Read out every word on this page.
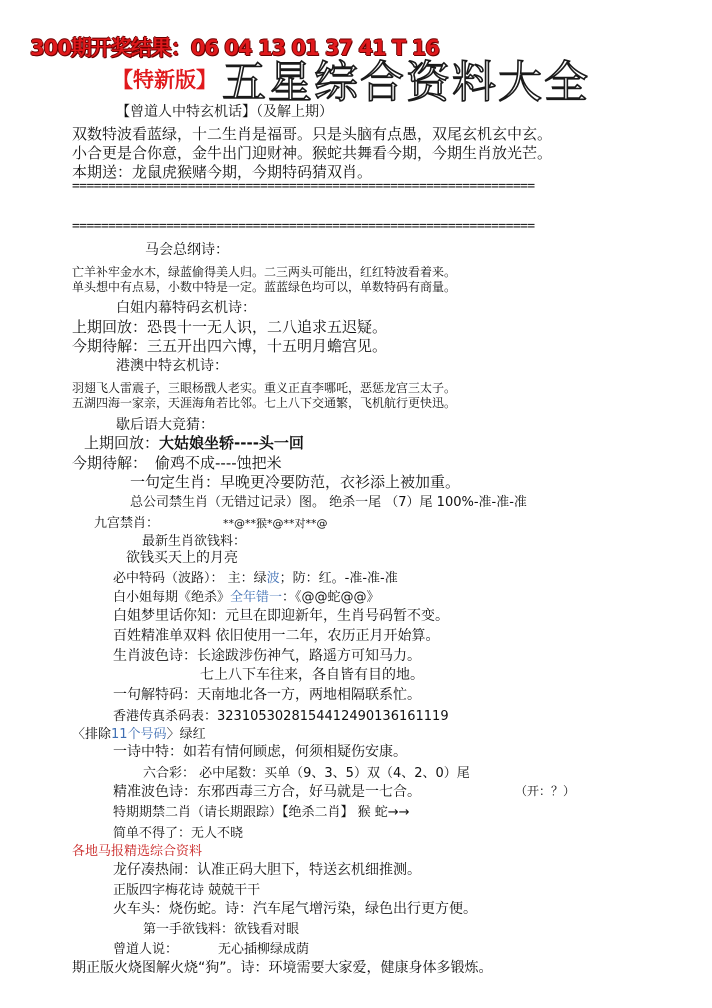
300期开奖结果：06 04 13 01 37 41 T 16
【特新版】 五星综合资料大全
【曾道人中特玄机话】（及解上期）
双数特波看蓝绿，十二生肖是福哥。只是头脑有点愚，双尾玄机玄中玄。
小合更是合你意，金牛出门迎财神。猴蛇共舞看今期，今期生肖放光芒。
本期送：龙鼠虎猴赌今期，今期特码猜双肖。
================================================================
================================================================
马会总纲诗：
亡羊补牢金水木，绿蓝偷得美人归。二三两头可能出，红红特波看着来。
单头想中有点易，小数中特是一定。蓝蓝绿色均可以，单数特码有商量。
白姐内幕特码玄机诗：
上期回放：恐畏十一无人识，二八追求五迟疑。
今期待解：三五开出四六博，十五明月蟾宫见。
港澳中特玄机诗：
羽翅飞人雷震子，三眼杨戬人老实。重义正直李哪吒，恶惩龙宫三太子。
五湖四海一家亲，天涯海角若比邻。七上八下交通繁，飞机航行更快迅。
歇后语大竞猜：
上期回放：大姑娘坐轿----头一回
今期待解： 偷鸡不成----蚀把米
一句定生肖：早晚更冷要防范，衣衫添上被加重。
总公司禁生肖（无错过记录）图。 绝杀一尾 （7）尾 100%-准-准-准
九宫禁肖：	**@**猴*@**对**@
最新生肖欲钱料：
欲钱买天上的月亮
必中特码（波路）： 主：绿波；防：红。-准-准-准
白小姐每期《绝杀》全年错一：《@@蛇@@》
白姐梦里话你知：元旦在即迎新年，生肖号码暂不变。
百姓精准单双料 依旧使用一二年，农历正月开始算。
生肖波色诗：长途跋涉伤神气，路遥方可知马力。
七上八下车往来，各自皆有目的地。
一句解特码：天南地北各一方，两地相隔联系忙。
香港传真杀码表：3231053028154412490136161119
〈排除11个号码〉绿红
一诗中特：如若有情何顾虑，何须相疑伤安康。
六合彩： 必中尾数：买单（9、3、5）双（4、2、0）尾
精准波色诗：东邪西毒三方合，好马就是一七合。	（开：？）
特期期禁二肖（请长期跟踪）【绝杀二肖】 猴 蛇→→
简单不得了：无人不晓
各地马报精选综合资料
龙仔凑热闹：认准正码大胆下，特送玄机细推测。
正版四字梅花诗 兢兢干干
火车头：烧伤蛇。诗：汽车尾气增污染，绿色出行更方便。
第一手欲钱料：欲钱看对眼
曾道人说：	无心插柳绿成荫
期正版火烧图解火烧“狗”。诗：环境需要大家爱，健康身体多锻炼。
